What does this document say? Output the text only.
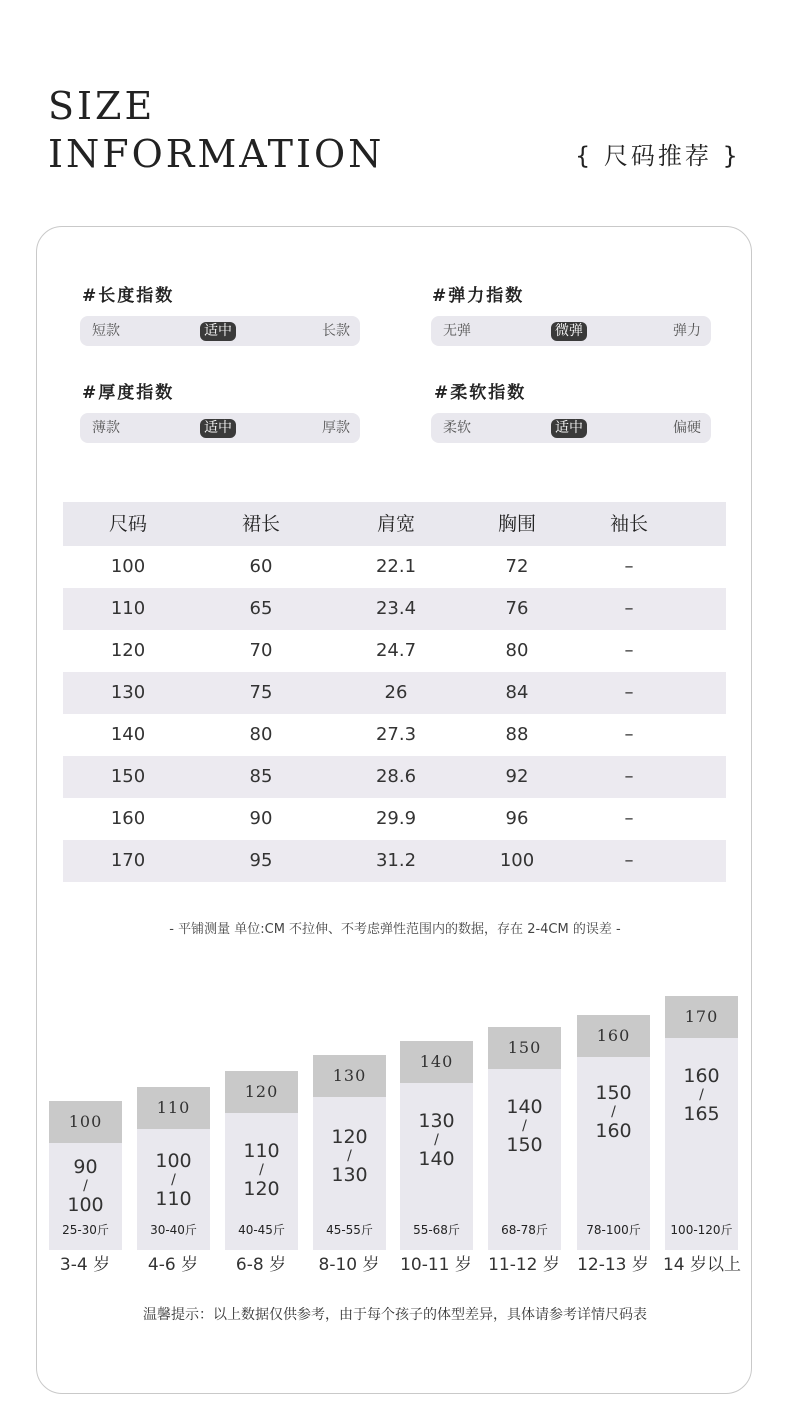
SIZE
INFORMATION	{ 尺码推荐 }
#长度指数
短款	适中	长款
#弹力指数
无弹	微弹	弹力
#厚度指数
薄款	适中	厚款
#柔软指数
柔软	适中	偏硬
尺码	裙长	肩宽	胸围	袖长
100	60	22.1	72	–
110	65	23.4	76	–
120	70	24.7	80	–
130	75	26	84	–
140	80	27.3	88	–
150	85	28.6	92	–
160	90	29.9	96	–
170	95	31.2	100	–
- 平铺测量 单位:CM 不拉伸、不考虑弹性范围内的数据，存在 2-4CM 的误差 -
100
90
/
100
25-30斤
110
100
/
110
30-40斤
120
110
/
120
40-45斤
130
120
/
130
45-55斤
140
130
/
140
55-68斤
150
140
/
150
68-78斤
160
150
/
160
78-100斤
170
160
/
165
100-120斤
3-4 岁	4-6 岁	6-8 岁	8-10 岁	10-11 岁 11-12 岁 12-13 岁 14 岁以上
温馨提示：以上数据仅供参考，由于每个孩子的体型差异，具体请参考详情尺码表
